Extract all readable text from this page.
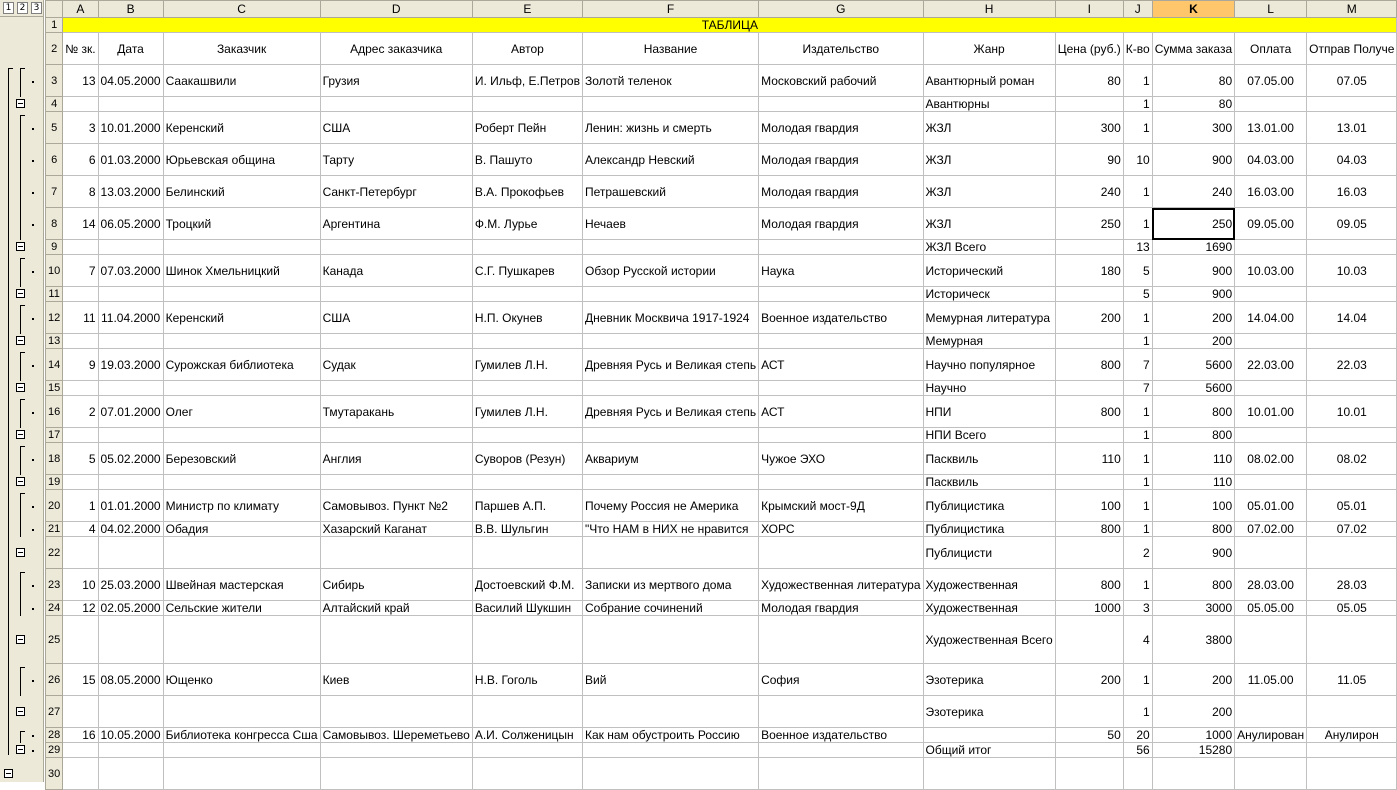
1 2 3
		A	B	C	D	E	F	G	H	I	J	K	L	M
1	ТАБЛИЦА												
2	№ зк.	Дата	Заказчик	Адрес заказчика	Автор	Название	Издательство	Жанр	Цена (руб.)	К-во	Сумма заказа	Оплата	Отправ Получе
3	13	04.05.2000	Саакашвили	Грузия	И. Ильф, Е.Петров	Золотй теленок	Московский рабочий	Авантюрный роман	80	1	80	07.05.00	07.05
4								Авантюрны		1	80		
5	3	10.01.2000	Керенский	США	Роберт Пейн	Ленин: жизнь и смерть	Молодая гвардия	ЖЗЛ	300	1	300	13.01.00	13.01
6	6	01.03.2000	Юрьевская община	Тарту	В. Пашуто	Александр Невский	Молодая гвардия	ЖЗЛ	90	10	900	04.03.00	04.03
7	8	13.03.2000	Белинский	Санкт-Петербург	В.А. Прокофьев	Петрашевский	Молодая гвардия	ЖЗЛ	240	1	240	16.03.00	16.03
8	14	06.05.2000	Троцкий	Аргентина	Ф.М. Лурье	Нечаев	Молодая гвардия	ЖЗЛ	250	1	250	09.05.00	09.05
9								ЖЗЛ Всего		13	1690		
10	7	07.03.2000	Шинок Хмельницкий	Канада	С.Г. Пушкарев	Обзор Русской истории	Наука	Исторический	180	5	900	10.03.00	10.03
11								Историческ		5	900		
12	11	11.04.2000	Керенский	США	Н.П. Окунев	Дневник Москвича 1917-1924	Военное издательство	Мемурная литература	200	1	200	14.04.00	14.04
13								Мемурная		1	200		
14	9	19.03.2000	Сурожская библиотека	Судак	Гумилев Л.Н.	Древняя Русь и Великая степь	АСТ	Научно популярное	800	7	5600	22.03.00	22.03
15								Научно		7	5600		
16	2	07.01.2000	Олег	Тмутаракань	Гумилев Л.Н.	Древняя Русь и Великая степь	АСТ	НПИ	800	1	800	10.01.00	10.01
17								НПИ Всего		1	800		
18	5	05.02.2000	Березовский	Англия	Суворов (Резун)	Аквариум	Чужое ЭХО	Пасквиль	110	1	110	08.02.00	08.02
19								Пасквиль		1	110		
20	1	01.01.2000	Министр по климату	Самовывоз. Пункт №2	Паршев А.П.	Почему Россия не Америка	Крымский мост-9Д	Публицистика	100	1	100	05.01.00	05.01
21	4	04.02.2000	Обадия	Хазарский Каганат	В.В. Шульгин	"Что НАМ в НИХ не нравится	ХОРС	Публицистика	800	1	800	07.02.00	07.02
22								Публицисти		2	900		
23	10	25.03.2000	Швейная мастерская	Сибирь	Достоевский Ф.М.	Записки из мертвого дома	Художественная литература	Художественная	800	1	800	28.03.00	28.03
24	12	02.05.2000	Сельские жители	Алтайский край	Василий Шукшин	Собрание сочинений	Молодая гвардия	Художественная	1000	3	3000	05.05.00	05.05
25								Художественная Всего		4	3800		
26	15	08.05.2000	Ющенко	Киев	Н.В. Гоголь	Вий	София	Эзотерика	200	1	200	11.05.00	11.05
27								Эзотерика		1	200		
28	16	10.05.2000	Библиотека конгресса Сша	Самовывоз. Шереметьево	А.И. Солженицын	Как нам обустроить Россию	Военное издательство		50	20	1000	Анулирован	Анулирон
29								Общий итог		56	15280		
30													
